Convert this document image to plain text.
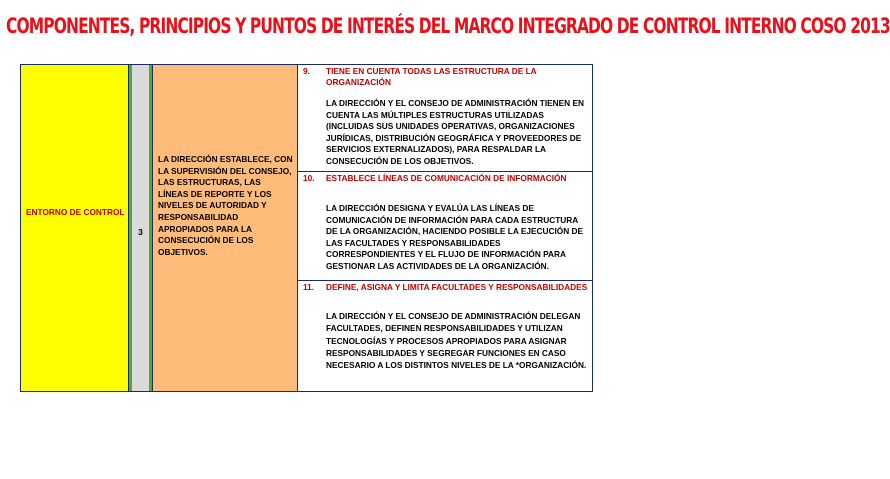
COMPONENTES, PRINCIPIOS Y PUNTOS DE INTERÉS DEL MARCO INTEGRADO DE CONTROL INTERNO COSO 2013
ENTORNO DE CONTROL
3
LA DIRECCIÓN ESTABLECE, CON LA SUPERVISIÓN DEL CONSEJO, LAS ESTRUCTURAS, LAS LÍNEAS DE REPORTE Y LOS NIVELES DE AUTORIDAD Y RESPONSABILIDAD APROPIADOS PARA LA CONSECUCIÓN DE LOS OBJETIVOS.
9. TIENE EN CUENTA TODAS LAS ESTRUCTURA DE LA ORGANIZACIÓN
LA DIRECCIÓN Y EL CONSEJO DE ADMINISTRACIÓN TIENEN EN CUENTA LAS MÚLTIPLES ESTRUCTURAS UTILIZADAS (INCLUIDAS SUS UNIDADES OPERATIVAS, ORGANIZACIONES JURÍDICAS, DISTRIBUCIÓN GEOGRÁFICA Y PROVEEDORES DE SERVICIOS EXTERNALIZADOS), PARA RESPALDAR LA CONSECUCIÓN DE LOS OBJETIVOS.
10. ESTABLECE LÍNEAS DE COMUNICACIÓN DE INFORMACIÓN
LA DIRECCIÓN DESIGNA Y EVALÚA LAS LÍNEAS DE COMUNICACIÓN DE INFORMACIÓN PARA CADA ESTRUCTURA DE LA ORGANIZACIÓN, HACIENDO POSIBLE LA EJECUCIÓN DE LAS FACULTADES Y RESPONSABILIDADES CORRESPONDIENTES Y EL FLUJO DE INFORMACIÓN PARA GESTIONAR LAS ACTIVIDADES DE LA ORGANIZACIÓN.
11. DEFINE, ASIGNA Y LIMITA FACULTADES Y RESPONSABILIDADES
LA DIRECCIÓN Y EL CONSEJO DE ADMINISTRACIÓN DELEGAN FACULTADES, DEFINEN RESPONSABILIDADES Y UTILIZAN TECNOLOGÍAS Y PROCESOS APROPIADOS PARA ASIGNAR RESPONSABILIDADES Y SEGREGAR FUNCIONES EN CASO NECESARIO A LOS DISTINTOS NIVELES DE LA *ORGANIZACIÓN.
